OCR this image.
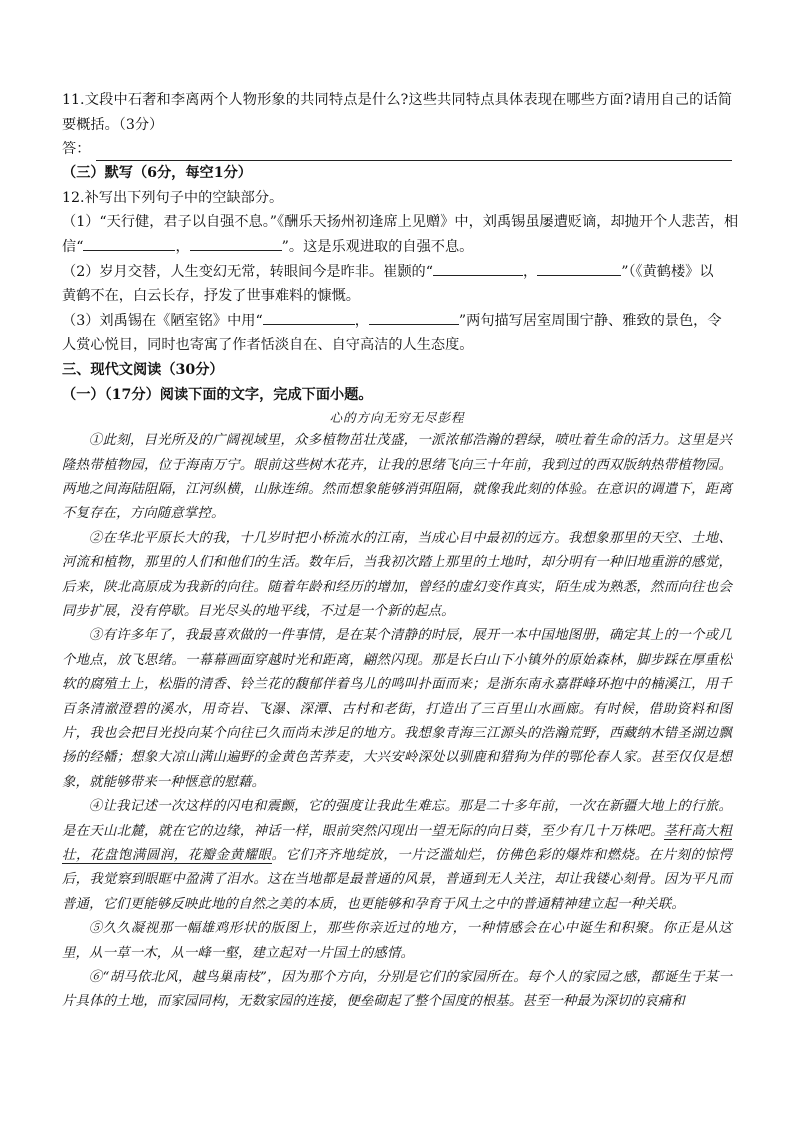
11.文段中石奢和李离两个人物形象的共同特点是什么?这些共同特点具体表现在哪些方面?请用自己的话简要概括。（3分）
答：
（三）默写（6分，每空1分）
12.补写出下列句子中的空缺部分。
（1）“天行健，君子以自强不息。”《酬乐天扬州初逢席上见赠》中，刘禹锡虽屡遭贬谪，却抛开个人悲苦，相
信“	，	”。这是乐观进取的自强不息。
（2）岁月交替，人生变幻无常，转眼间今是昨非。崔颢的“	，	”（《黄鹤楼》以
黄鹤不在，白云长存，抒发了世事难料的慷慨。
（3）刘禹锡在《陋室铭》中用“	，	”两句描写居室周围宁静、雅致的景色，令
人赏心悦目，同时也寄寓了作者恬淡自在、自守高洁的人生态度。
三、现代文阅读（30分）
（一）（17分）阅读下面的文字，完成下面小题。
心的方向无穷无尽彭程
①此刻，目光所及的广阔视域里，众多植物茁壮茂盛，一派浓郁浩瀚的碧绿，喷吐着生命的活力。这里是兴隆热带植物园，位于海南万宁。眼前这些树木花卉，让我的思绪飞向三十年前，我到过的西双版纳热带植物园。两地之间海陆阻隔，江河纵横，山脉连绵。然而想象能够消弭阻隔，就像我此刻的体验。在意识的调遣下，距离不复存在，方向随意掌控。
②在华北平原长大的我，十几岁时把小桥流水的江南，当成心目中最初的远方。我想象那里的天空、土地、河流和植物，那里的人们和他们的生活。数年后，当我初次踏上那里的土地时，却分明有一种旧地重游的感觉，后来，陕北高原成为我新的向往。随着年龄和经历的增加，曾经的虚幻变作真实，陌生成为熟悉，然而向往也会同步扩展，没有停歇。目光尽头的地平线，不过是一个新的起点。
③有许多年了，我最喜欢做的一件事情，是在某个清静的时辰，展开一本中国地图册，确定其上的一个或几个地点，放飞思绪。一幕幕画面穿越时光和距离，翩然闪现。那是长白山下小镇外的原始森林，脚步踩在厚重松软的腐殖土上，松脂的清香、铃兰花的馥郁伴着鸟儿的鸣叫扑面而来；是浙东南永嘉群峰环抱中的楠溪江，用千百条清澈澄碧的溪水，用奇岩、飞瀑、深潭、古村和老街，打造出了三百里山水画廊。有时候，借助资料和图片，我也会把目光投向某个向往已久而尚未涉足的地方。我想象青海三江源头的浩瀚荒野，西藏纳木错圣湖边飘扬的经幡；想象大凉山满山遍野的金黄色苦荞麦，大兴安岭深处以驯鹿和猎狗为伴的鄂伦春人家。甚至仅仅是想象，就能够带来一种惬意的慰藉。
④让我记述一次这样的闪电和震颤，它的强度让我此生难忘。那是二十多年前，一次在新疆大地上的行旅。是在天山北麓，就在它的边缘，神话一样，眼前突然闪现出一望无际的向日葵，至少有几十万株吧。茎秆高大粗壮，花盘饱满圆润，花瓣金黄耀眼。它们齐齐地绽放，一片泛滥灿烂，仿佛色彩的爆炸和燃烧。在片刻的惊愕后，我觉察到眼眶中盈满了泪水。这在当地都是最普通的风景，普通到无人关注，却让我镂心刻骨。因为平凡而普通，它们更能够反映此地的自然之美的本质，也更能够和孕育于风土之中的普通精神建立起一种关联。
⑤久久凝视那一幅雄鸡形状的版图上，那些你亲近过的地方，一种情感会在心中诞生和积聚。你正是从这里，从一草一木，从一峰一壑，建立起对一片国土的感情。
⑥“胡马依北风，越鸟巢南枝”，因为那个方向，分别是它们的家园所在。每个人的家园之感，都诞生于某一片具体的土地，而家园同构，无数家园的连接，便垒砌起了整个国度的根基。甚至一种最为深切的哀痛和
